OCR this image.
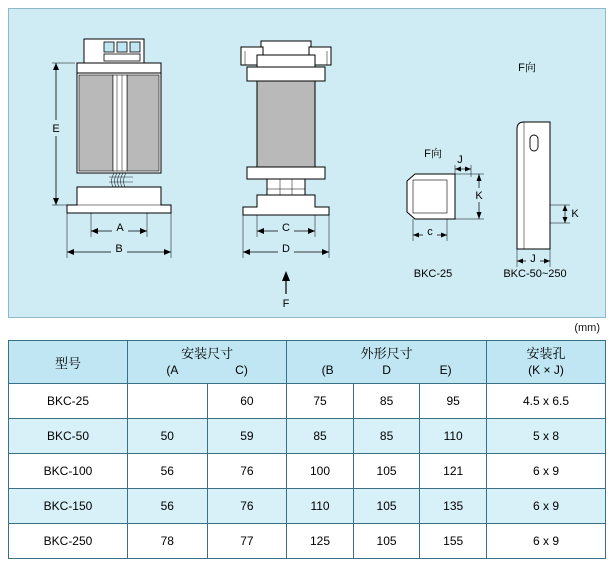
E
A
B
C
D
F
F向 J
K
c
BKC-25
F向
K
J
BKC-50~250
(mm)
型号	
安装尺寸
(A	C)

外形尺寸
(B	D	E)

安装孔
(K × J)

BKC-25		60	75	85	95	4.5 x 6.5
BKC-50	50	59	85	85	110	5 x 8
BKC-100	56	76	100	105	121	6 x 9
BKC-150	56	76	110	105	135	6 x 9
BKC-250	78	77	125	105	155	6 x 9
